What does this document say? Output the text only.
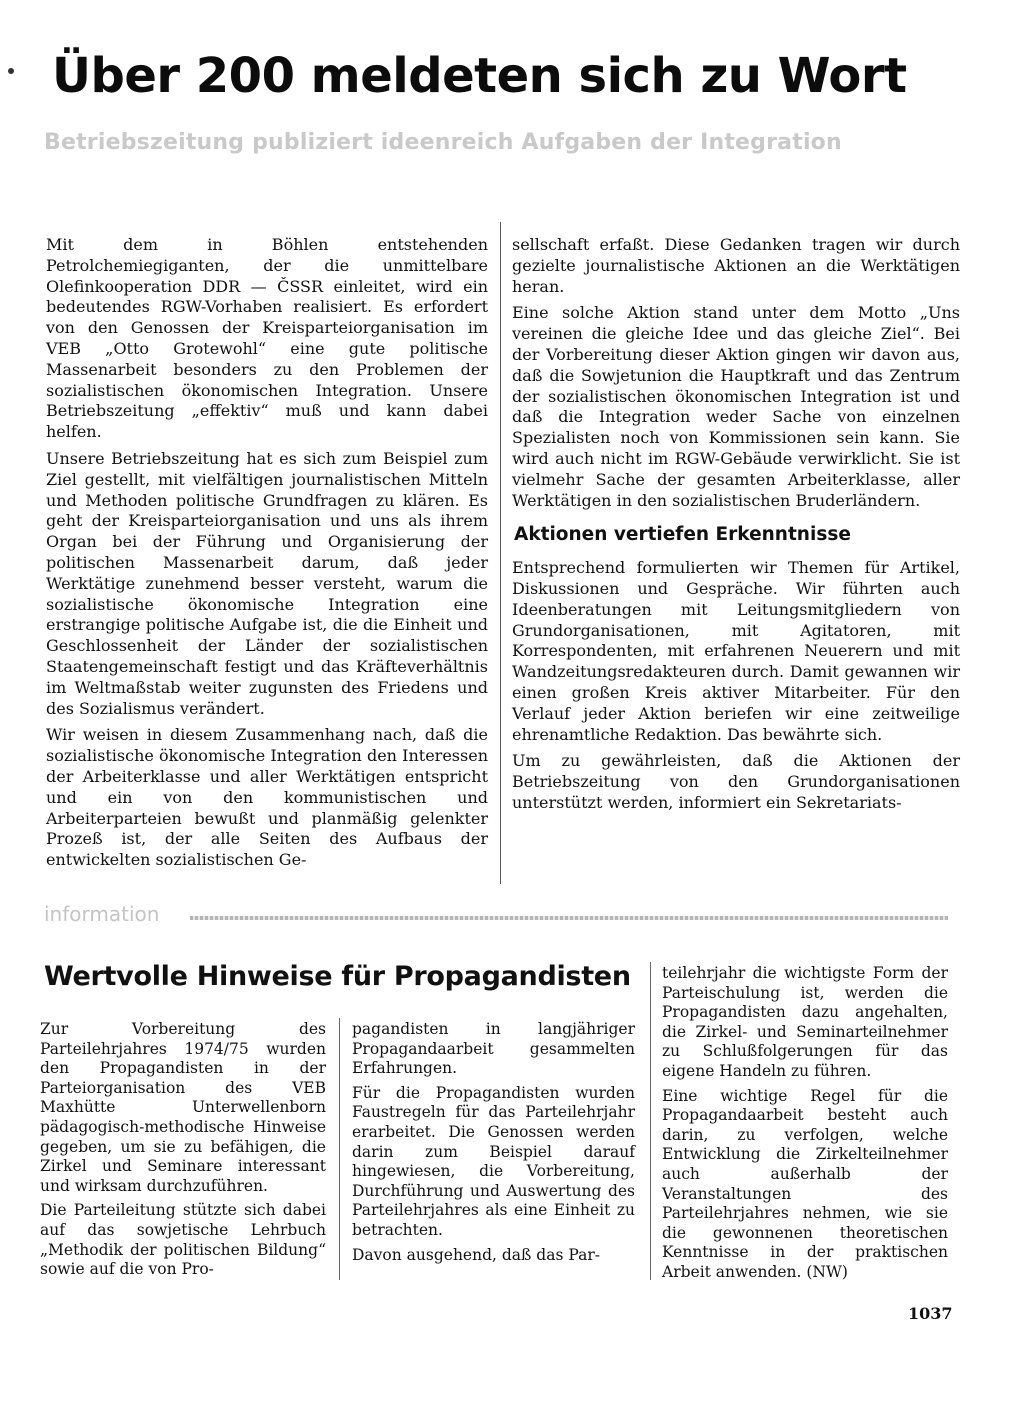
Über 200 meldeten sich zu Wort
Betriebszeitung publiziert ideenreich Aufgaben der Integration

Mit dem in Böhlen entstehenden Petrolchemiegiganten, der die unmittelbare Olefinkooperation DDR — ČSSR einleitet, wird ein bedeutendes RGW-Vorhaben realisiert. Es erfordert von den Genossen der Kreisparteiorganisation im VEB „Otto Grotewohl“ eine gute politische Massenarbeit besonders zu den Problemen der sozialistischen ökonomischen Integration. Unsere Betriebszeitung „effektiv“ muß und kann dabei helfen.

Unsere Betriebszeitung hat es sich zum Beispiel zum Ziel gestellt, mit vielfältigen journalistischen Mitteln und Methoden politische Grundfragen zu klären. Es geht der Kreisparteiorganisation und uns als ihrem Organ bei der Führung und Organisierung der politischen Massenarbeit darum, daß jeder Werktätige zunehmend besser versteht, warum die sozialistische ökonomische Integration eine erstrangige politische Aufgabe ist, die die Einheit und Geschlossenheit der Länder der sozialistischen Staatengemeinschaft festigt und das Kräfteverhältnis im Weltmaßstab weiter zugunsten des Friedens und des Sozialismus verändert.

Wir weisen in diesem Zusammenhang nach, daß die sozialistische ökonomische Integration den Interessen der Arbeiterklasse und aller Werktätigen entspricht und ein von den kommunistischen und Arbeiterparteien bewußt und planmäßig gelenkter Prozeß ist, der alle Seiten des Aufbaus der entwickelten sozialistischen Ge-

sellschaft erfaßt. Diese Gedanken tragen wir durch gezielte journalistische Aktionen an die Werktätigen heran.

Eine solche Aktion stand unter dem Motto „Uns vereinen die gleiche Idee und das gleiche Ziel“. Bei der Vorbereitung dieser Aktion gingen wir davon aus, daß die Sowjetunion die Hauptkraft und das Zentrum der sozialistischen ökonomischen Integration ist und daß die Integration weder Sache von einzelnen Spezialisten noch von Kommissionen sein kann. Sie wird auch nicht im RGW-Gebäude verwirklicht. Sie ist vielmehr Sache der gesamten Arbeiterklasse, aller Werktätigen in den sozialistischen Bruderländern.

Aktionen vertiefen Erkenntnisse

Entsprechend formulierten wir Themen für Artikel, Diskussionen und Gespräche. Wir führten auch Ideenberatungen mit Leitungsmitgliedern von Grundorganisationen, mit Agitatoren, mit Korrespondenten, mit erfahrenen Neuerern und mit Wandzeitungsredakteuren durch. Damit gewannen wir einen großen Kreis aktiver Mitarbeiter. Für den Verlauf jeder Aktion beriefen wir eine zeitweilige ehrenamtliche Redaktion. Das bewährte sich.

Um zu gewährleisten, daß die Aktionen der Betriebszeitung von den Grundorganisationen unterstützt werden, informiert ein Sekretariats-

information
Wertvolle Hinweise für Propagandisten

Zur Vorbereitung des Parteilehrjahres 1974/75 wurden den Propagandisten in der Parteiorganisation des VEB Maxhütte Unterwellenborn pädagogisch-methodische Hinweise gegeben, um sie zu befähigen, die Zirkel und Seminare interessant und wirksam durchzuführen.

Die Parteileitung stützte sich dabei auf das sowjetische Lehrbuch „Methodik der politischen Bildung“ sowie auf die von Pro-

pagandisten in langjähriger Propagandaarbeit gesammelten Erfahrungen.

Für die Propagandisten wurden Faustregeln für das Parteilehrjahr erarbeitet. Die Genossen werden darin zum Beispiel darauf hingewiesen, die Vorbereitung, Durchführung und Auswertung des Parteilehrjahres als eine Einheit zu betrachten.

Davon ausgehend, daß das Par-

teilehrjahr die wichtigste Form der Parteischulung ist, werden die Propagandisten dazu angehalten, die Zirkel- und Seminarteilnehmer zu Schlußfolgerungen für das eigene Handeln zu führen.

Eine wichtige Regel für die Propagandaarbeit besteht auch darin, zu verfolgen, welche Entwicklung die Zirkelteilnehmer auch außerhalb der Veranstaltungen des Parteilehrjahres nehmen, wie sie die gewonnenen theoretischen Kenntnisse in der praktischen Arbeit anwenden. (NW)

1037
